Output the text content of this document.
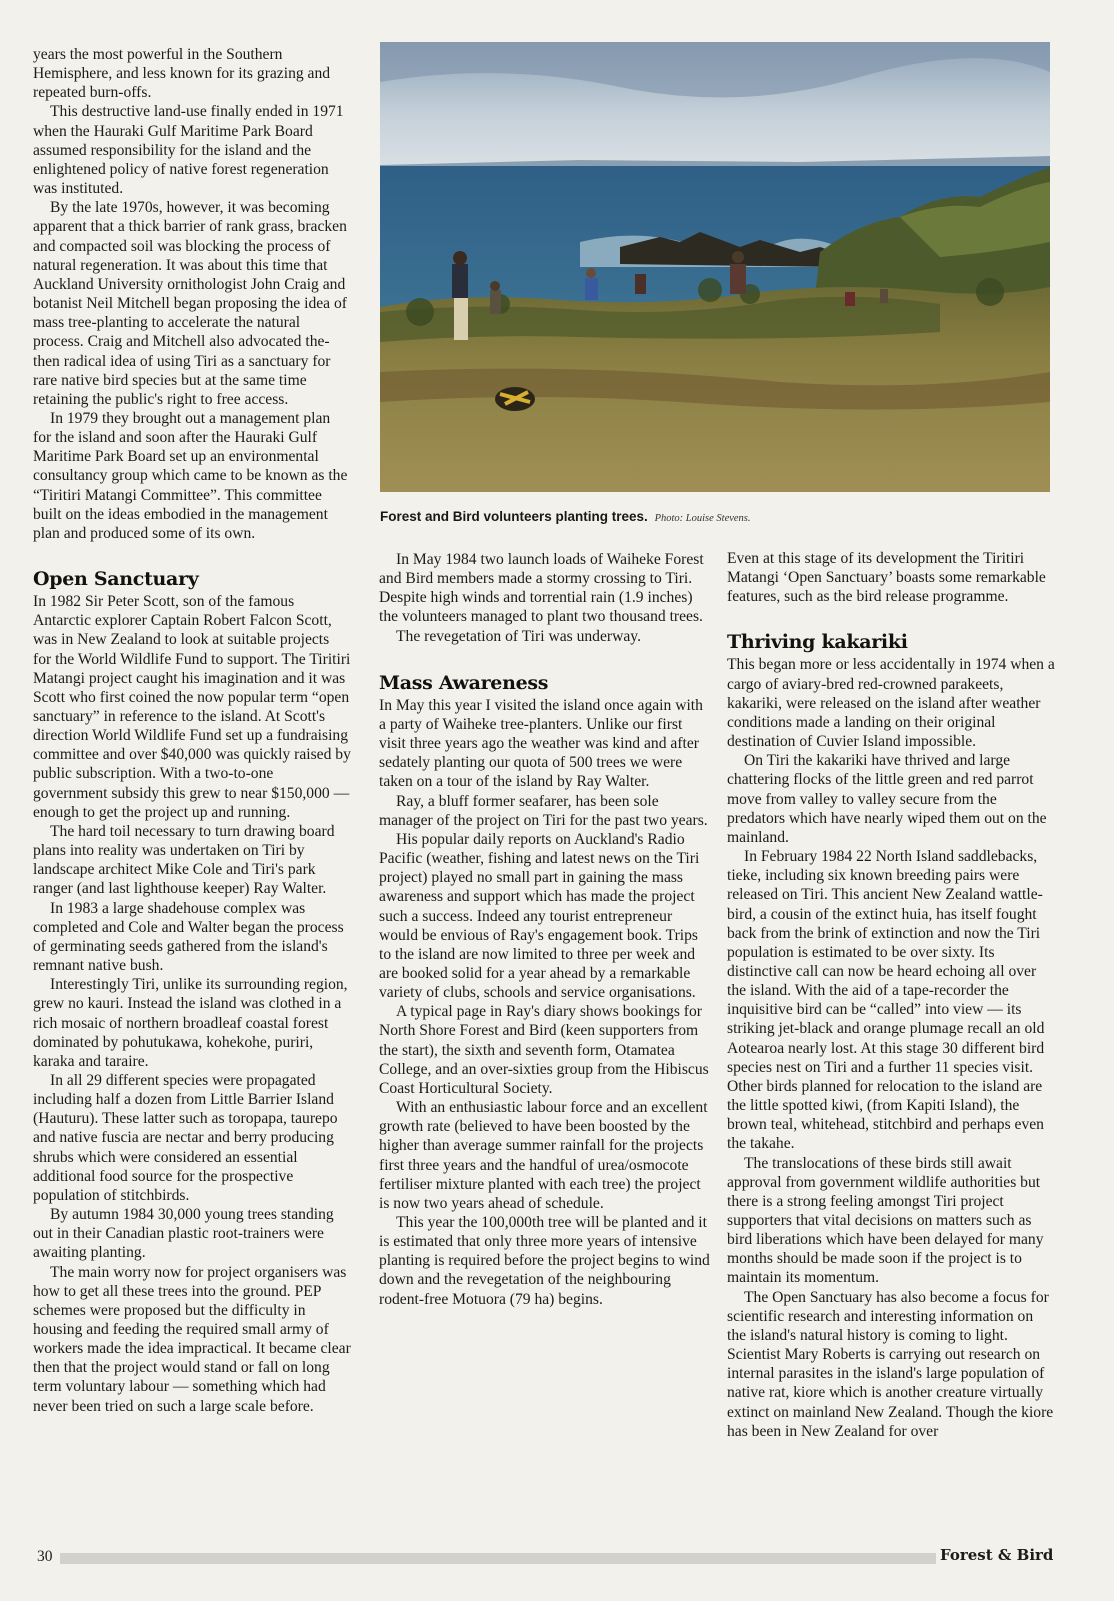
Forest and Bird volunteers planting trees. Photo: Louise Stevens.

years the most powerful in the Southern Hemisphere, and less known for its grazing and repeated burn-offs.

This destructive land-use finally ended in 1971 when the Hauraki Gulf Maritime Park Board assumed responsibility for the island and the enlightened policy of native forest regeneration was instituted.

By the late 1970s, however, it was becoming apparent that a thick barrier of rank grass, bracken and compacted soil was blocking the process of natural regeneration. It was about this time that Auckland University ornithologist John Craig and botanist Neil Mitchell began proposing the idea of mass tree-planting to accelerate the natural process. Craig and Mitchell also advocated the-then radical idea of using Tiri as a sanctuary for rare native bird species but at the same time retaining the public's right to free access.

In 1979 they brought out a management plan for the island and soon after the Hauraki Gulf Maritime Park Board set up an environmental consultancy group which came to be known as the “Tiritiri Matangi Committee”. This committee built on the ideas embodied in the management plan and produced some of its own.

Open Sanctuary

In 1982 Sir Peter Scott, son of the famous Antarctic explorer Captain Robert Falcon Scott, was in New Zealand to look at suitable projects for the World Wildlife Fund to support. The Tiritiri Matangi project caught his imagination and it was Scott who first coined the now popular term “open sanctuary” in reference to the island. At Scott's direction World Wildlife Fund set up a fundraising committee and over $40,000 was quickly raised by public subscription. With a two-to-one government subsidy this grew to near $150,000 — enough to get the project up and running.

The hard toil necessary to turn drawing board plans into reality was undertaken on Tiri by landscape architect Mike Cole and Tiri's park ranger (and last lighthouse keeper) Ray Walter.

In 1983 a large shadehouse complex was completed and Cole and Walter began the process of germinating seeds gathered from the island's remnant native bush.

Interestingly Tiri, unlike its surrounding region, grew no kauri. Instead the island was clothed in a rich mosaic of northern broadleaf coastal forest dominated by pohutukawa, kohekohe, puriri, karaka and taraire.

In all 29 different species were propagated including half a dozen from Little Barrier Island (Hauturu). These latter such as toropapa, taurepo and native fuscia are nectar and berry producing shrubs which were considered an essential additional food source for the prospective population of stitchbirds.

By autumn 1984 30,000 young trees standing out in their Canadian plastic root-trainers were awaiting planting.

The main worry now for project organisers was how to get all these trees into the ground. PEP schemes were proposed but the difficulty in housing and feeding the required small army of workers made the idea impractical. It became clear then that the project would stand or fall on long term voluntary labour — something which had never been tried on such a large scale before.

In May 1984 two launch loads of Waiheke Forest and Bird members made a stormy crossing to Tiri. Despite high winds and torrential rain (1.9 inches) the volunteers managed to plant two thousand trees.

The revegetation of Tiri was underway.

Mass Awareness

In May this year I visited the island once again with a party of Waiheke tree-planters. Unlike our first visit three years ago the weather was kind and after sedately planting our quota of 500 trees we were taken on a tour of the island by Ray Walter.

Ray, a bluff former seafarer, has been sole manager of the project on Tiri for the past two years.

His popular daily reports on Auckland's Radio Pacific (weather, fishing and latest news on the Tiri project) played no small part in gaining the mass awareness and support which has made the project such a success. Indeed any tourist entrepreneur would be envious of Ray's engagement book. Trips to the island are now limited to three per week and are booked solid for a year ahead by a remarkable variety of clubs, schools and service organisations.

A typical page in Ray's diary shows bookings for North Shore Forest and Bird (keen supporters from the start), the sixth and seventh form, Otamatea College, and an over-sixties group from the Hibiscus Coast Horticultural Society.

With an enthusiastic labour force and an excellent growth rate (believed to have been boosted by the higher than average summer rainfall for the projects first three years and the handful of urea/osmocote fertiliser mixture planted with each tree) the project is now two years ahead of schedule.

This year the 100,000th tree will be planted and it is estimated that only three more years of intensive planting is required before the project begins to wind down and the revegetation of the neighbouring rodent-free Motuora (79 ha) begins.

Even at this stage of its development the Tiritiri Matangi ‘Open Sanctuary’ boasts some remarkable features, such as the bird release programme.

Thriving kakariki

This began more or less accidentally in 1974 when a cargo of aviary-bred red-crowned parakeets, kakariki, were released on the island after weather conditions made a landing on their original destination of Cuvier Island impossible.

On Tiri the kakariki have thrived and large chattering flocks of the little green and red parrot move from valley to valley secure from the predators which have nearly wiped them out on the mainland.

In February 1984 22 North Island saddlebacks, tieke, including six known breeding pairs were released on Tiri. This ancient New Zealand wattle-bird, a cousin of the extinct huia, has itself fought back from the brink of extinction and now the Tiri population is estimated to be over sixty. Its distinctive call can now be heard echoing all over the island. With the aid of a tape-recorder the inquisitive bird can be “called” into view — its striking jet-black and orange plumage recall an old Aotearoa nearly lost. At this stage 30 different bird species nest on Tiri and a further 11 species visit. Other birds planned for relocation to the island are the little spotted kiwi, (from Kapiti Island), the brown teal, whitehead, stitchbird and perhaps even the takahe.

The translocations of these birds still await approval from government wildlife authorities but there is a strong feeling amongst Tiri project supporters that vital decisions on matters such as bird liberations which have been delayed for many months should be made soon if the project is to maintain its momentum.

The Open Sanctuary has also become a focus for scientific research and interesting information on the island's natural history is coming to light. Scientist Mary Roberts is carrying out research on internal parasites in the island's large population of native rat, kiore which is another creature virtually extinct on mainland New Zealand. Though the kiore has been in New Zealand for over

30	Forest & Bird
